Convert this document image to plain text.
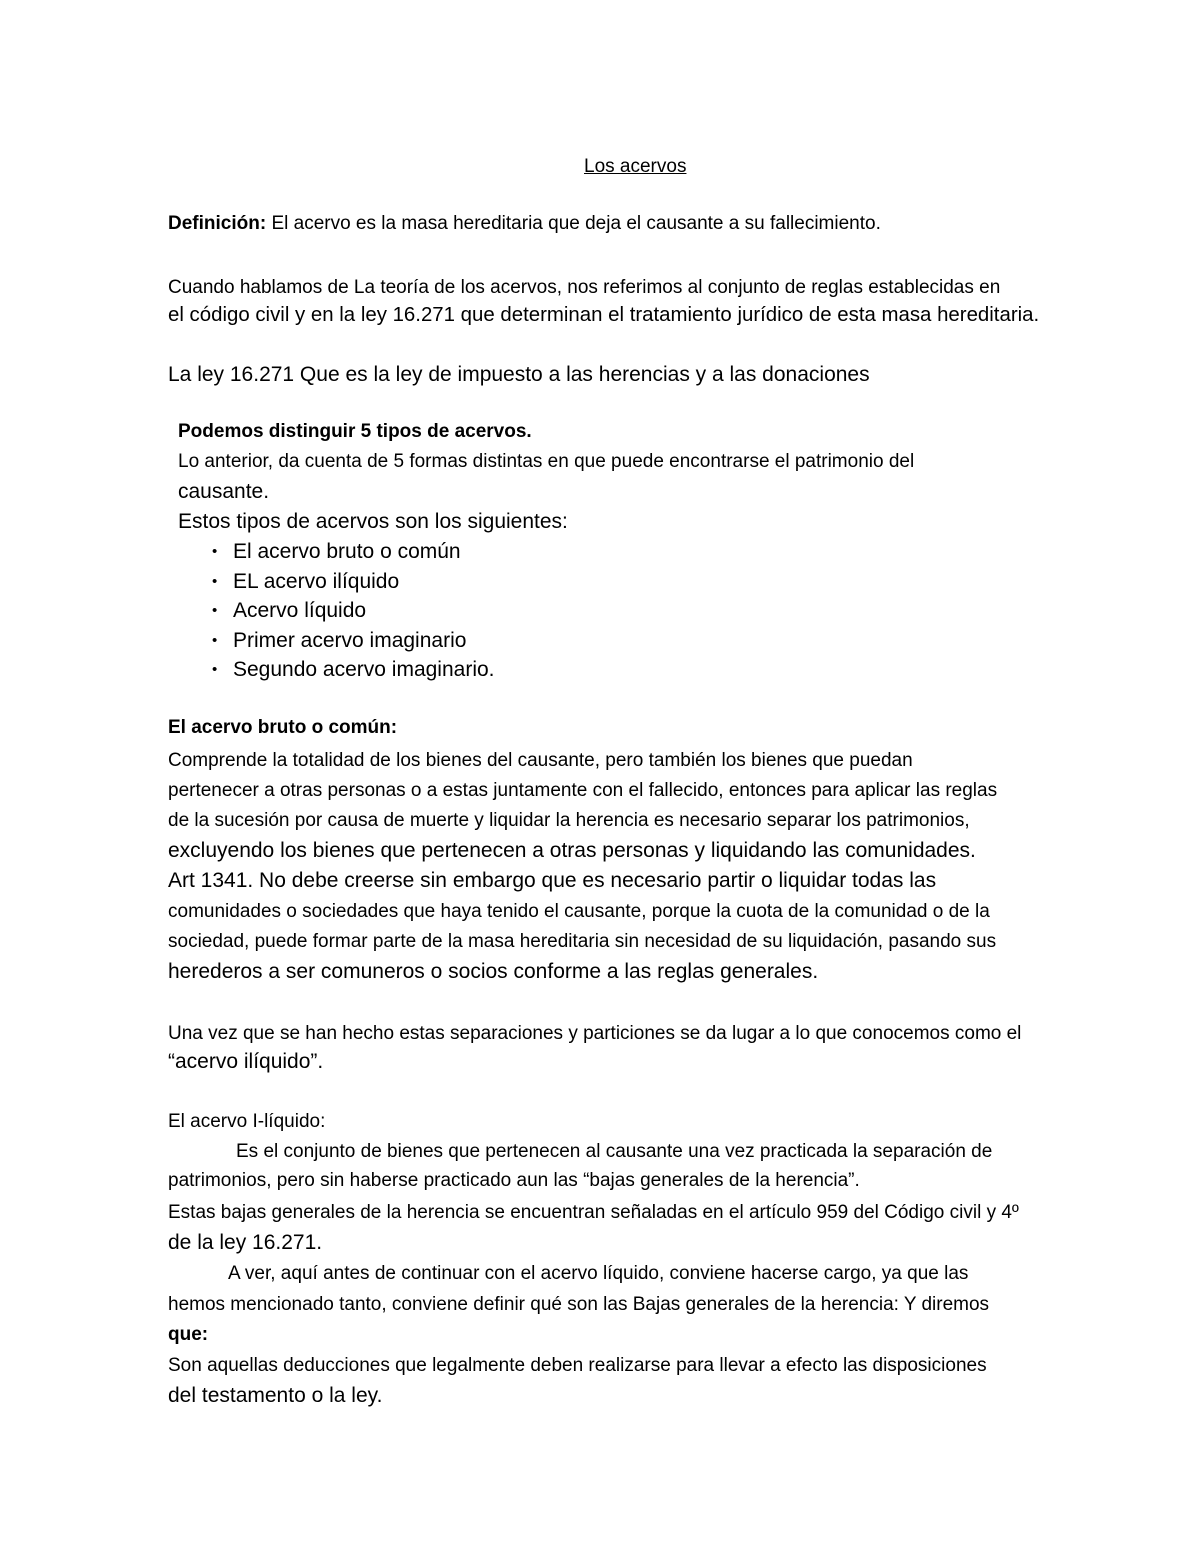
Los acervos

Definición: El acervo es la masa hereditaria que deja el causante a su fallecimiento.

Cuando hablamos de La teoría de los acervos, nos referimos al conjunto de reglas establecidas en

el código civil y en la ley 16.271 que determinan el tratamiento jurídico de esta masa hereditaria.

La ley 16.271 Que es la ley de impuesto a las herencias y a las donaciones

Podemos distinguir 5 tipos de acervos.

Lo anterior, da cuenta de 5 formas distintas en que puede encontrarse el patrimonio del

causante.

Estos tipos de acervos son los siguientes:

• El acervo bruto o común
• EL acervo ilíquido
• Acervo líquido
• Primer acervo imaginario
• Segundo acervo imaginario.

El acervo bruto o común:

Comprende la totalidad de los bienes del causante, pero también los bienes que puedan

pertenecer a otras personas o a estas juntamente con el fallecido, entonces para aplicar las reglas

de la sucesión por causa de muerte y liquidar la herencia es necesario separar los patrimonios,

excluyendo los bienes que pertenecen a otras personas y liquidando las comunidades.

Art 1341. No debe creerse sin embargo que es necesario partir o liquidar todas las

comunidades o sociedades que haya tenido el causante, porque la cuota de la comunidad o de la

sociedad, puede formar parte de la masa hereditaria sin necesidad de su liquidación, pasando sus

herederos a ser comuneros o socios conforme a las reglas generales.

Una vez que se han hecho estas separaciones y particiones se da lugar a lo que conocemos como el

“acervo ilíquido”.

El acervo I-líquido:

Es el conjunto de bienes que pertenecen al causante una vez practicada la separación de

patrimonios, pero sin haberse practicado aun las “bajas generales de la herencia”.

Estas bajas generales de la herencia se encuentran señaladas en el artículo 959 del Código civil y 4º

de la ley 16.271.

A ver, aquí antes de continuar con el acervo líquido, conviene hacerse cargo, ya que las

hemos mencionado tanto, conviene definir qué son las Bajas generales de la herencia: Y diremos

que:

Son aquellas deducciones que legalmente deben realizarse para llevar a efecto las disposiciones

del testamento o la ley.
